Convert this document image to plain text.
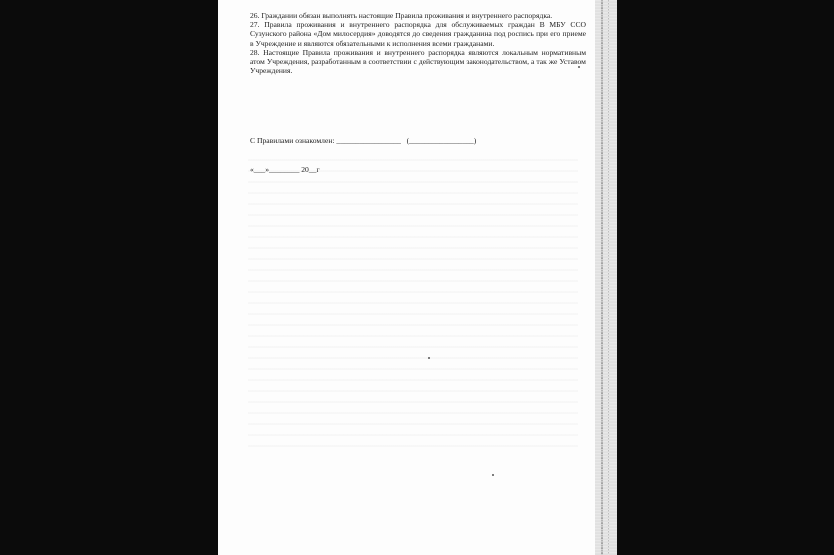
26. Граждании обязан выполнять настоящие Правила проживания и внутреннего распорядка.

27. Правила проживания и внутреннего распорядка для обслуживаемых граждан В МБУ ССО Сузунского района «Дом милосердия» доводятся до сведения гражданина под роспись при его приеме в Учреждение и являются обязательными к исполнения всеми гражданами.

28. Настоящие Правила проживания и внутреннего распорядка являются локальным нормативным атом Учреждения, разработанным в соответствии с действующим законодательством, а так же Уставом Учреждения.

С Правилами ознакомлен: _________________   (_________________)

«___»________ 20__г
